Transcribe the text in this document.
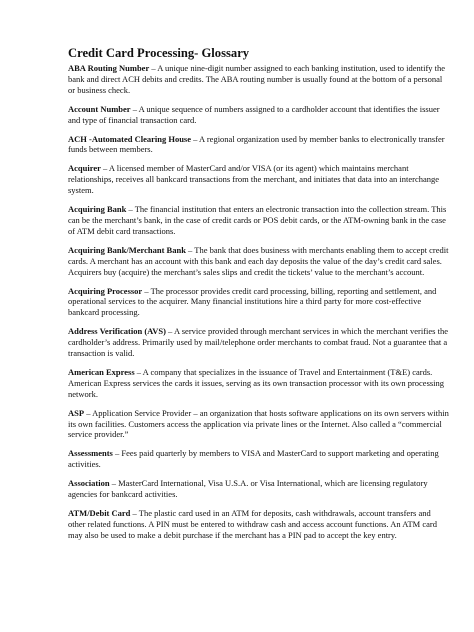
Credit Card Processing- Glossary
ABA Routing Number – A unique nine-digit number assigned to each banking institution, used to identify the bank and direct ACH debits and credits. The ABA routing number is usually found at the bottom of a personal or business check.
Account Number – A unique sequence of numbers assigned to a cardholder account that identifies the issuer and type of financial transaction card.
ACH -Automated Clearing House – A regional organization used by member banks to electronically transfer funds between members.
Acquirer – A licensed member of MasterCard and/or VISA (or its agent) which maintains merchant relationships, receives all bankcard transactions from the merchant, and initiates that data into an interchange system.
Acquiring Bank – The financial institution that enters an electronic transaction into the collection stream. This can be the merchant’s bank, in the case of credit cards or POS debit cards, or the ATM-owning bank in the case of ATM debit card transactions.
Acquiring Bank/Merchant Bank – The bank that does business with merchants enabling them to accept credit cards. A merchant has an account with this bank and each day deposits the value of the day’s credit card sales. Acquirers buy (acquire) the merchant’s sales slips and credit the tickets’ value to the merchant’s account.
Acquiring Processor – The processor provides credit card processing, billing, reporting and settlement, and operational services to the acquirer. Many financial institutions hire a third party for more cost-effective bankcard processing.
Address Verification (AVS) – A service provided through merchant services in which the merchant verifies the cardholder’s address. Primarily used by mail/telephone order merchants to combat fraud. Not a guarantee that a transaction is valid.
American Express – A company that specializes in the issuance of Travel and Entertainment (T&E) cards. American Express services the cards it issues, serving as its own transaction processor with its own processing network.
ASP – Application Service Provider – an organization that hosts software applications on its own servers within its own facilities. Customers access the application via private lines or the Internet. Also called a “commercial service provider.”
Assessments – Fees paid quarterly by members to VISA and MasterCard to support marketing and operating activities.
Association – MasterCard International, Visa U.S.A. or Visa International, which are licensing regulatory agencies for bankcard activities.
ATM/Debit Card – The plastic card used in an ATM for deposits, cash withdrawals, account transfers and other related functions. A PIN must be entered to withdraw cash and access account functions. An ATM card may also be used to make a debit purchase if the merchant has a PIN pad to accept the key entry.
